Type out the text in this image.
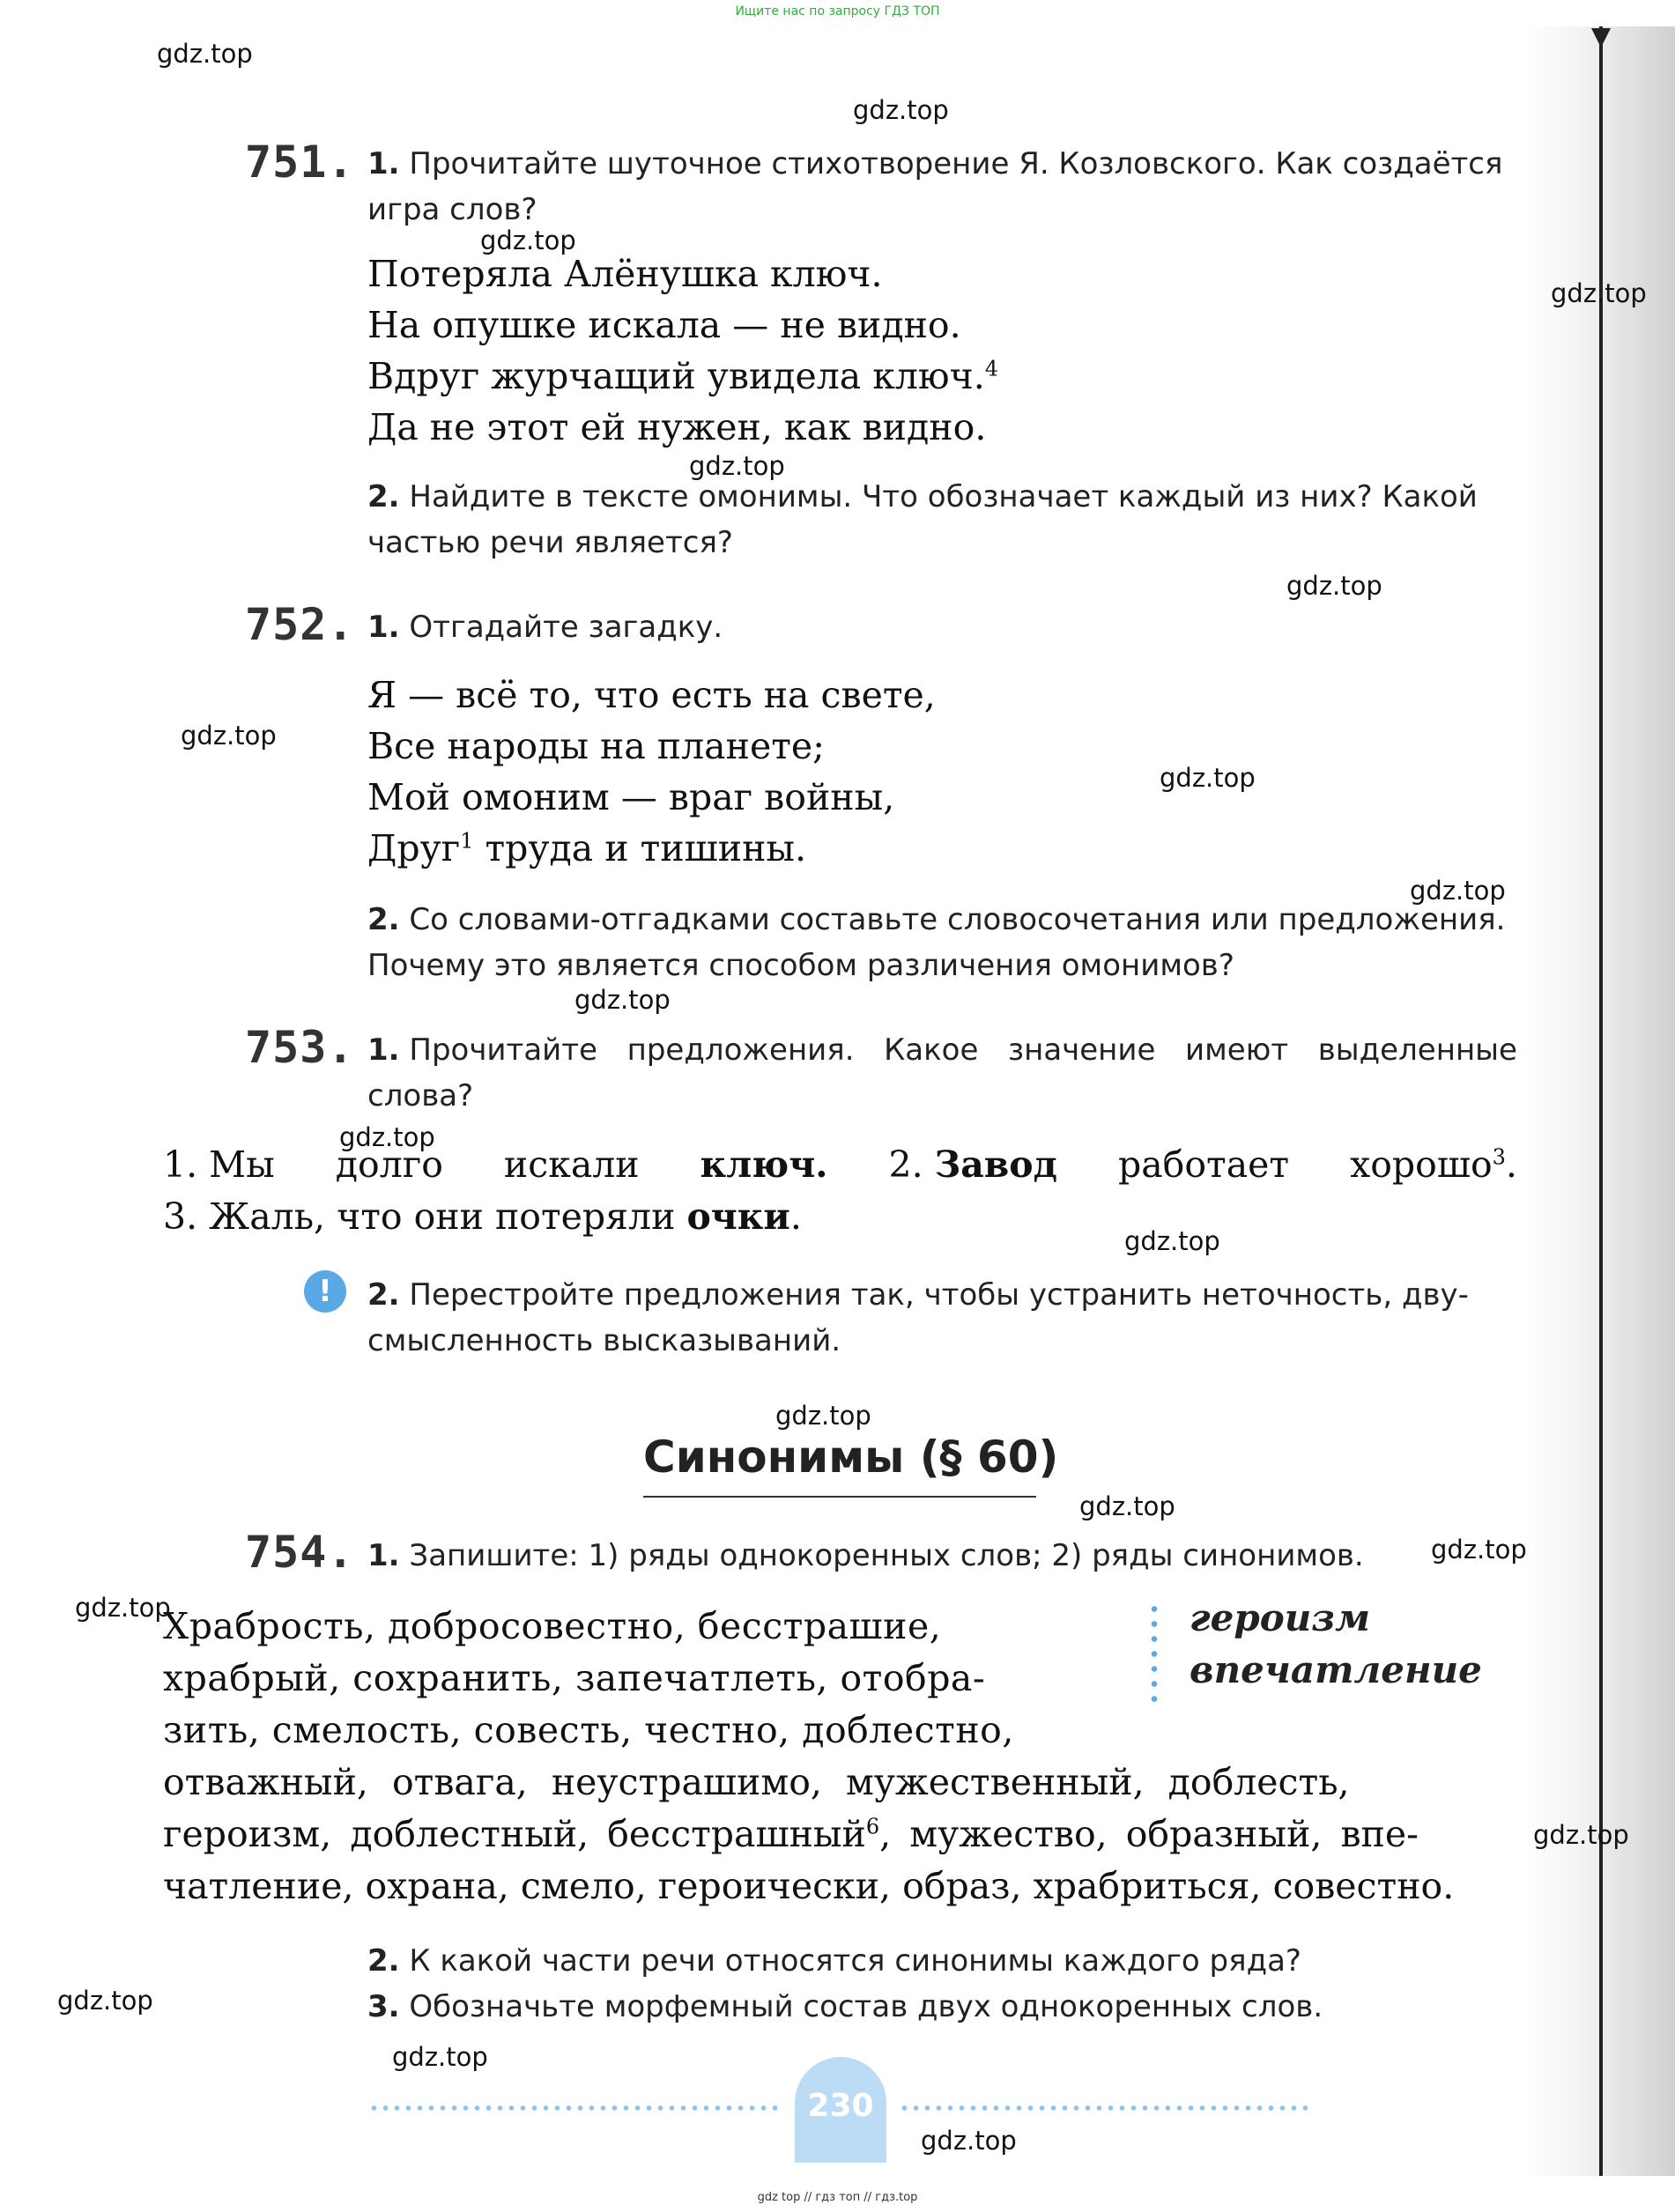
Ищите нас по запросу ГДЗ ТОП
gdz.top
gdz.top
gdz.top
gdz.top
gdz.top
gdz.top
gdz.top
gdz.top
gdz.top
gdz.top
gdz.top
gdz.top
gdz.top
gdz.top
gdz.top
gdz.top
gdz.top
gdz.top
gdz.top
gdz.top
751. 1. Прочитайте шуточное стихотворение Я. Козловского. Как создаётся
игра слов?
Потеряла Алёнушка ключ.
На опушке искала — не видно.
Вдруг журчащий увидела ключ.$^4$
Да не этот ей нужен, как видно.
2. Найдите в тексте омонимы. Что обозначает каждый из них? Какой
частью речи является?
752. 1. Отгадайте загадку.
Я — всё то, что есть на свете,
Все народы на планете;
Мой омоним — враг войны,
Друг$^1$ труда и тишины.
2. Со словами-отгадками составьте словосочетания или предложения.
Почему это является способом различения омонимов?
753. 1. Прочитайте предложения. Какое значение имеют выделенные
слова?
1. Мы долго искали ключ. 2. Завод работает хорошо$^3$.
3. Жаль, что они потеряли очки.
!	2. Перестройте предложения так, чтобы устранить неточность, дву-
смысленность высказываний.
Синонимы (§ 60)
754. 1. Запишите: 1) ряды однокоренных слов; 2) ряды синонимов.
Храбрость, добросовестно, бесстрашие,
храбрый, сохранить, запечатлеть, отобра-
зить, смелость, совесть, честно, доблестно,
отважный, отвага, неустрашимо, мужественный, доблесть,
героизм, доблестный, бесстрашный$^6$, мужество, образный, впе-
чатление, охрана, смело, героически, образ, храбриться, совестно.
героизм
впечатление
2. К какой части речи относятся синонимы каждого ряда?
3. Обозначьте морфемный состав двух однокоренных слов.
230
gdz top // гдз топ // гдз.top
